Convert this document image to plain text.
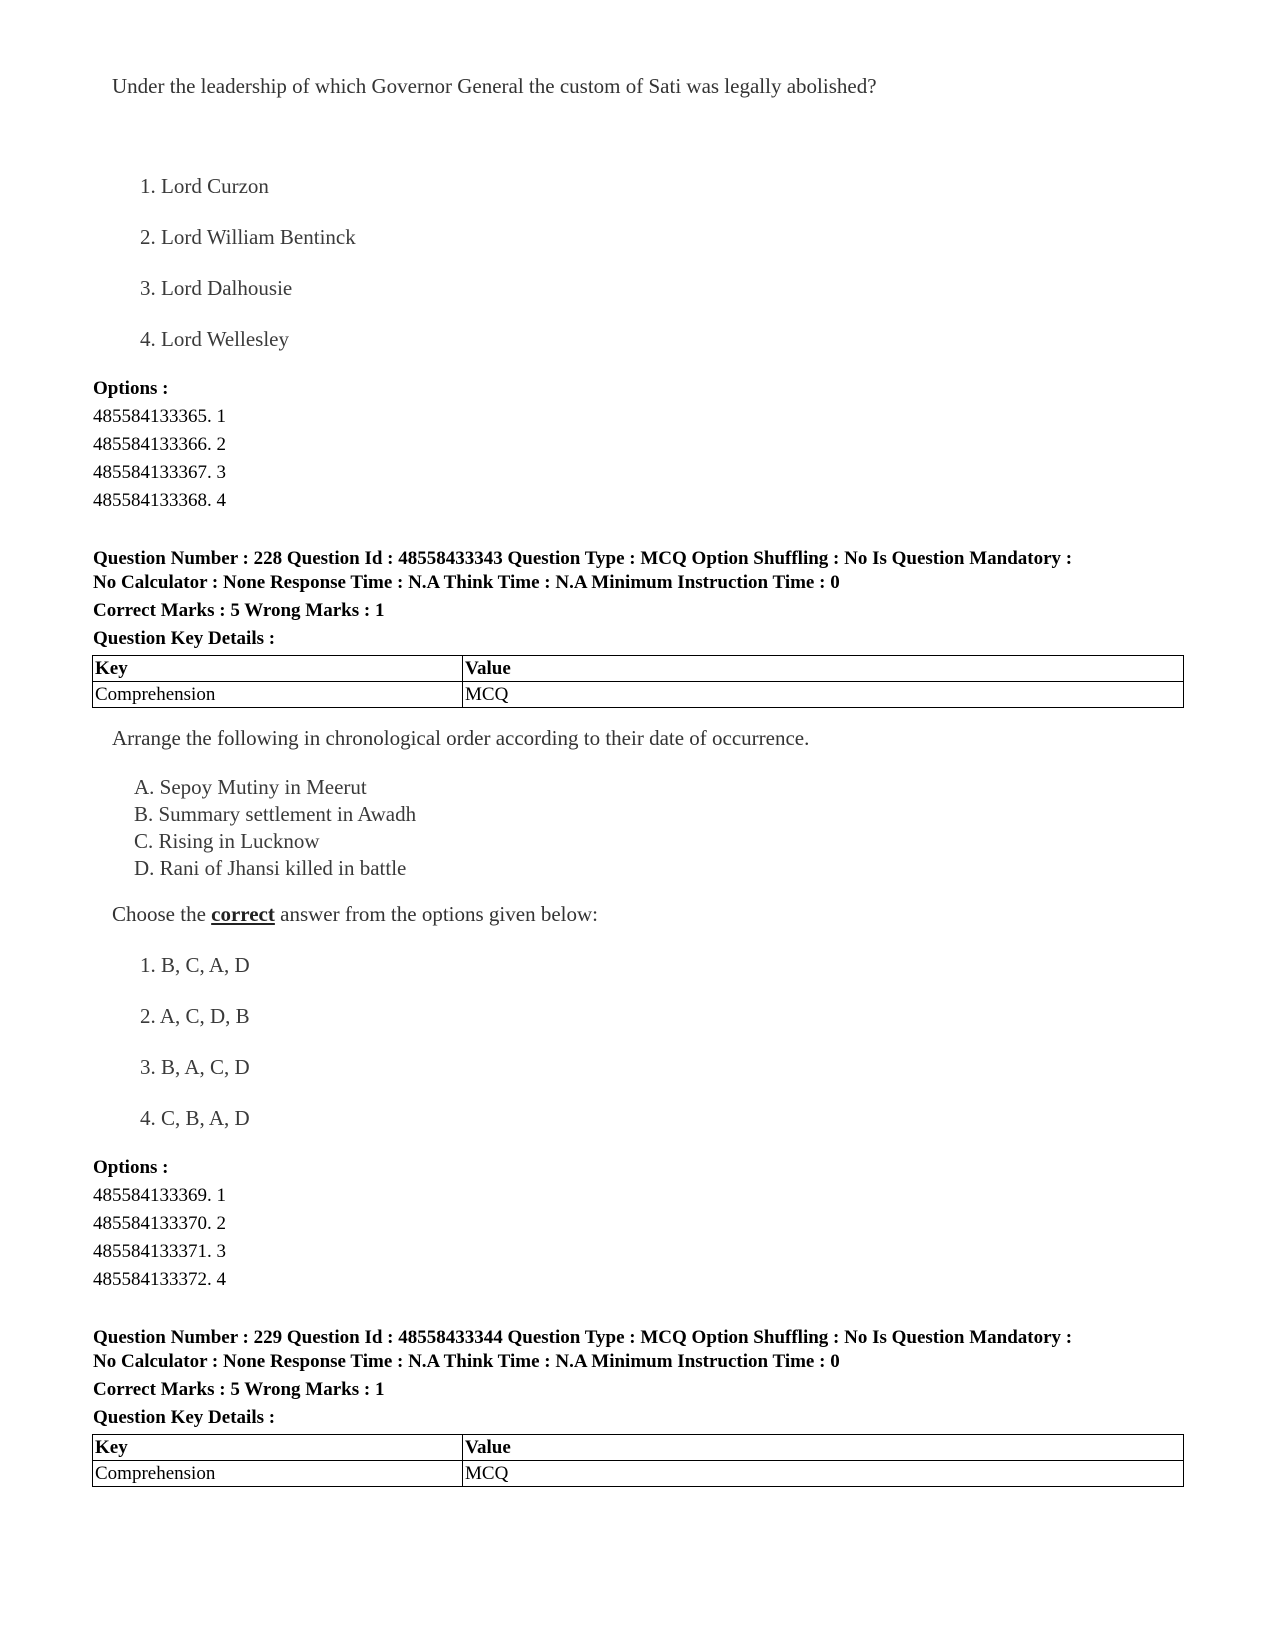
Under the leadership of which Governor General the custom of Sati was legally abolished?
1. Lord Curzon
2. Lord William Bentinck
3. Lord Dalhousie
4. Lord Wellesley
Options :
485584133365. 1
485584133366. 2
485584133367. 3
485584133368. 4
Question Number : 228 Question Id : 48558433343 Question Type : MCQ Option Shuffling : No Is Question Mandatory :
No Calculator : None Response Time : N.A Think Time : N.A Minimum Instruction Time : 0
Correct Marks : 5 Wrong Marks : 1
Question Key Details :
Key	Value
Comprehension	MCQ
Arrange the following in chronological order according to their date of occurrence.
A. Sepoy Mutiny in Meerut
B. Summary settlement in Awadh
C. Rising in Lucknow
D. Rani of Jhansi killed in battle
Choose the correct answer from the options given below:
1. B, C, A, D
2. A, C, D, B
3. B, A, C, D
4. C, B, A, D
Options :
485584133369. 1
485584133370. 2
485584133371. 3
485584133372. 4
Question Number : 229 Question Id : 48558433344 Question Type : MCQ Option Shuffling : No Is Question Mandatory :
No Calculator : None Response Time : N.A Think Time : N.A Minimum Instruction Time : 0
Correct Marks : 5 Wrong Marks : 1
Question Key Details :
Key	Value
Comprehension	MCQ
